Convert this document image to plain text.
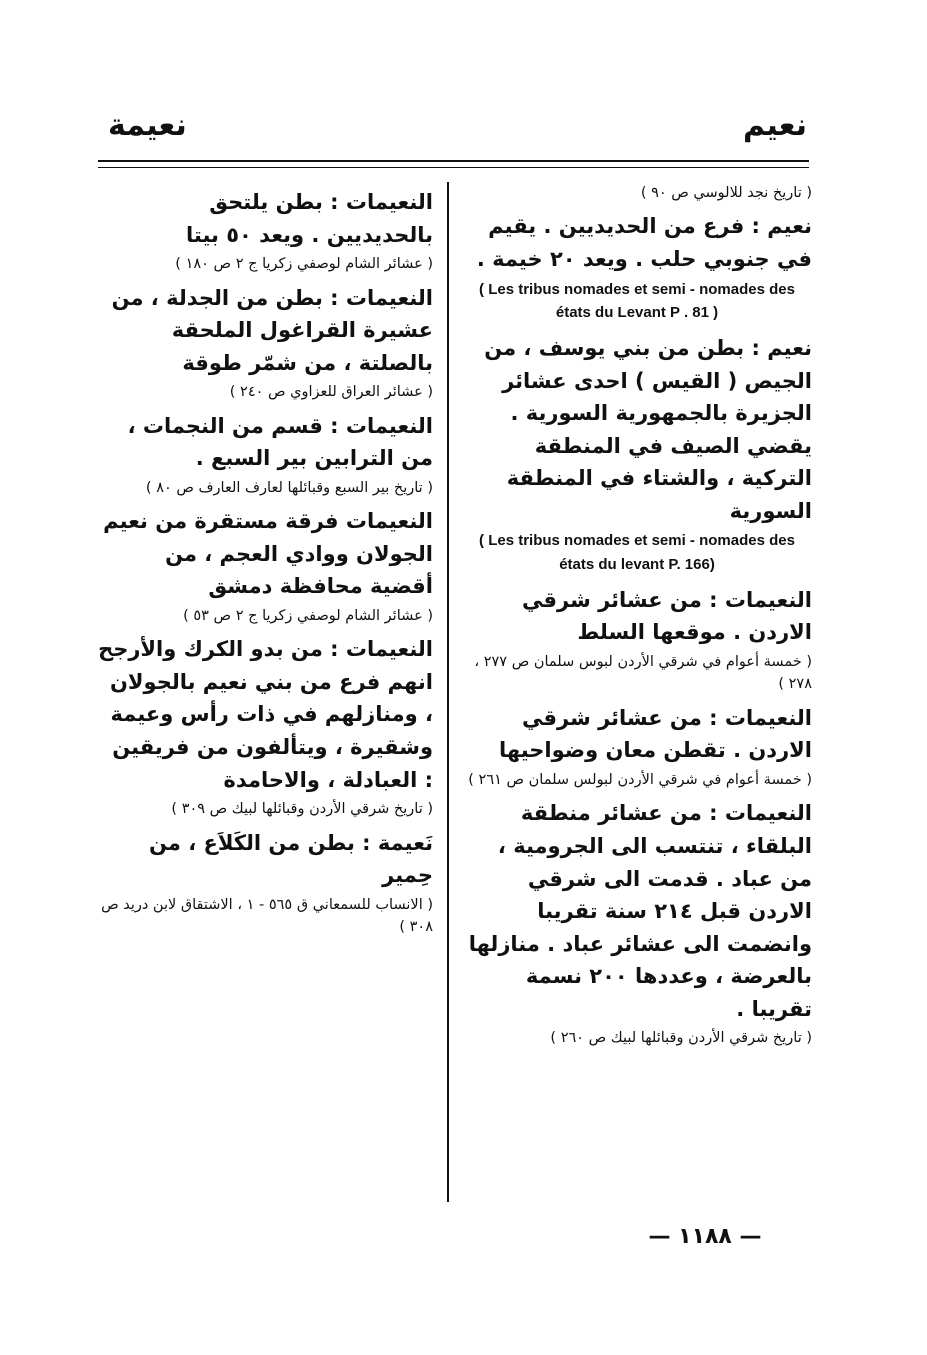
نعيم
نعيمة

( تاريخ نجد للالوسي ص ٩٠ )

نعيم : فرع من الحديديين . يقيم في جنوبي حلب . ويعد ٢٠ خيمة .

( Les tribus nomades et semi - nomades des états du Levant P . 81 )

نعيم : بطن من بني يوسف ، من الجيص ( القيس ) احدى عشائر الجزيرة بالجمهورية السورية . يقضي الصيف في المنطقة التركية ، والشتاء في المنطقة السورية

( Les tribus nomades et semi - nomades des états du levant P. 166)

النعيمات : من عشائر شرقي الاردن . موقعها السلط

( خمسة أعوام في شرقي الأردن لبوس سلمان ص ٢٧٧ ، ٢٧٨ )

النعيمات : من عشائر شرقي الاردن . تقطن معان وضواحيها

( خمسة أعوام في شرقي الأردن لبولس سلمان ص ٢٦١ )

النعيمات : من عشائر منطقة البلقاء ، تنتسب الى الجرومية ، من عباد . قدمت الى شرقي الاردن قبل ٢١٤ سنة تقريبا وانضمت الى عشائر عباد . منازلها بالعرضة ، وعددها ٢٠٠ نسمة تقريبا .

( تاريخ شرقي الأردن وقبائلها لبيك ص ٢٦٠ )

النعيمات : بطن يلتحق بالحديديين . ويعد ٥٠ بيتا

( عشائر الشام لوصفي زكريا ج ٢ ص ١٨٠ )

النعيمات : بطن من الجدلة ، من عشيرة القراغول الملحقة بالصلتة ، من شمّر طوقة

( عشائر العراق للعزاوي ص ٢٤٠ )

النعيمات : قسم من النجمات ، من الترابين بير السبع .

( تاريخ بير السبع وقبائلها لعارف العارف ص ٨٠ )

النعيمات فرقة مستقرة من نعيم الجولان ووادي العجم ، من أقضية محافظة دمشق

( عشائر الشام لوصفي زكريا ج ٢ ص ٥٣ )

النعيمات : من بدو الكرك والأرجح انهم فرع من بني نعيم بالجولان ، ومنازلهم في ذات رأس وعيمة وشقيرة ، ويتألفون من فريقين : العبادلة ، والاحامدة

( تاريخ شرقي الأردن وقبائلها لبيك ص ٣٠٩ )

نَعيمة : بطن من الكَلاَع ، من حِمير

( الانساب للسمعاني ق ٥٦٥ - ١ ، الاشتقاق لابن دريد ص ٣٠٨ )

— ١١٨٨ —
